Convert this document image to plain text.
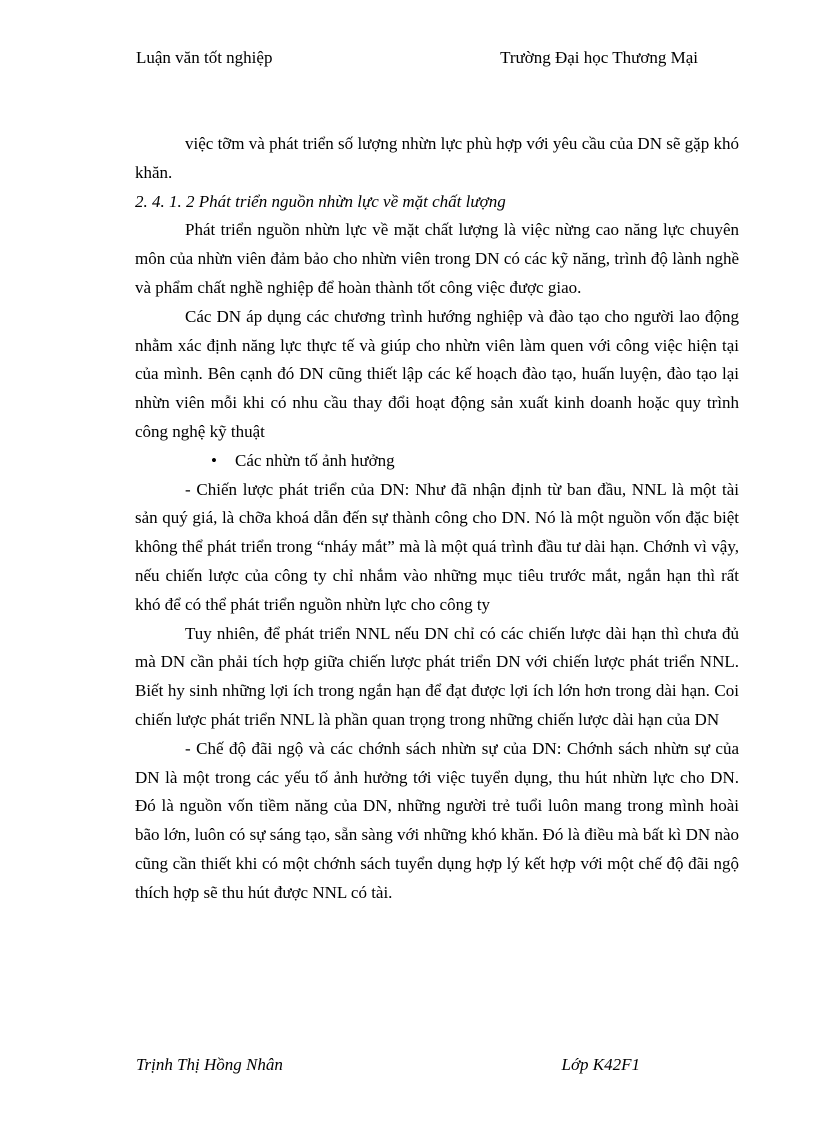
Luận văn tốt nghiệp	Trường Đại học Thương Mại

việc tỡm và phát triển số lượng nhừn lực phù hợp với yêu cầu của DN sẽ gặp khó khăn.

2. 4. 1. 2 Phát triển nguồn nhừn lực về mặt chất lượng

Phát triển nguồn nhừn lực về mặt chất lượng là việc nừng cao năng lực chuyên môn của nhừn viên đảm bảo cho nhừn viên trong DN có các kỹ năng, trình độ lành nghề và phẩm chất nghề nghiệp để hoàn thành tốt công việc được giao.

Các DN áp dụng các chương trình hướng nghiệp và đào tạo cho người lao động nhằm xác định năng lực thực tế và giúp cho nhừn viên làm quen với công việc hiện tại của mình. Bên cạnh đó DN cũng thiết lập các kế hoạch đào tạo, huấn luyện, đào tạo lại nhừn viên mỗi khi có nhu cầu thay đổi hoạt động sản xuất kinh doanh hoặc quy trình công nghệ kỹ thuật

• Các nhừn tố ảnh hưởng

- Chiến lược phát triển của DN: Như đã nhận định từ ban đầu, NNL là một tài sản quý giá, là chỡa khoá dẫn đến sự thành công cho DN. Nó là một nguồn vốn đặc biệt không thể phát triển trong “nháy mắt” mà là một quá trình đầu tư dài hạn. Chớnh vì vậy, nếu chiến lược của công ty chỉ nhắm vào những mục tiêu trước mắt, ngắn hạn thì rất khó để có thể phát triển nguồn nhừn lực cho công ty

Tuy nhiên, để phát triển NNL nếu DN chỉ có các chiến lược dài hạn thì chưa đủ mà DN cần phải tích hợp giữa chiến lược phát triển DN với chiến lược phát triển NNL. Biết hy sinh những lợi ích trong ngắn hạn để đạt được lợi ích lớn hơn trong dài hạn. Coi chiến lược phát triển NNL là phần quan trọng trong những chiến lược dài hạn của DN

- Chế độ đãi ngộ và các chớnh sách nhừn sự của DN: Chớnh sách nhừn sự của DN là một trong các yếu tố ảnh hưởng tới việc tuyển dụng, thu hút nhừn lực cho DN. Đó là nguồn vốn tiềm năng của DN, những người trẻ tuổi luôn mang trong mình hoài bão lớn, luôn có sự sáng tạo, sẵn sàng với những khó khăn. Đó là điều mà bất kì DN nào cũng cần thiết khi có một chớnh sách tuyển dụng hợp lý kết hợp với một chế độ đãi ngộ thích hợp sẽ thu hút được NNL có tài.

Trịnh Thị Hồng Nhân	Lớp K42F1
